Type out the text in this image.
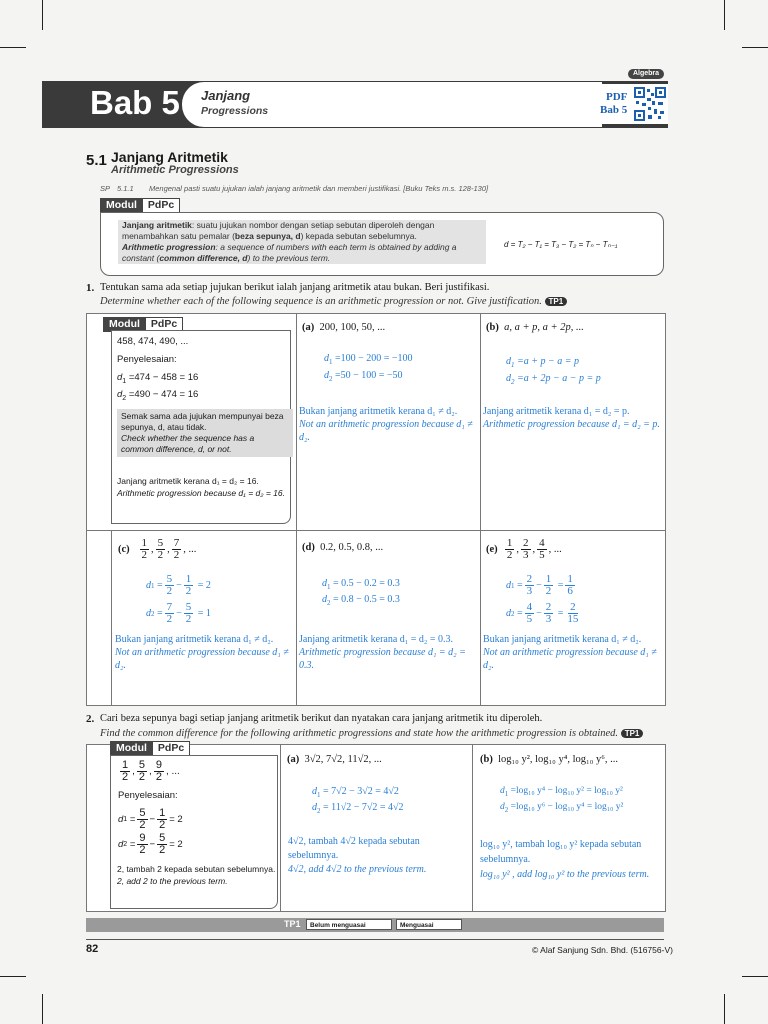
Algebra
Bab 5 Janjang
Progressions
PDF
Bab 5
5.1 Janjang Aritmetik
Arithmetic Progressions
SP 5.1.1 Mengenal pasti suatu jujukan ialah janjang aritmetik dan memberi justifikasi. [Buku Teks m.s. 128-130]
Modul	PdPc
Janjang aritmetik: suatu jujukan nombor dengan setiap sebutan diperoleh dengan
menambahkan satu pemalar (beza sepunya, d) kepada sebutan sebelumnya.
Arithmetic progression: a sequence of numbers with each term is obtained by adding a
constant (common difference, d) to the previous term.
d = T₂ − T₁ = T₃ − T₂ = Tₙ − Tₙ₋₁
1. Tentukan sama ada setiap jujukan berikut ialah janjang aritmetik atau bukan. Beri justifikasi.
Determine whether each of the following sequence is an arithmetic progression or not. Give justification. TP1
Modul	PdPc
458, 474, 490, ...
Penyelesaian:
$d_1 =474 - 458 = 16$
$d_2 =490 - 474 = 16$
Semak sama ada jujukan mempunyai beza sepunya, d, atau tidak.
Check whether the sequence has a common difference, d, or not.
Janjang aritmetik kerana d₁ = d₂ = 16.
Arithmetic progression because d₁ = d₂ = 16.
(a) 200, 100, 50, ...
$d_1 =100 - 200 = -100$
$d_2 =50 - 100 = -50$
Bukan janjang aritmetik kerana d₁ ≠ d₂.
Not an arithmetic progression because d₁ ≠ d₂.
(b) a, a + p, a + 2p, ...
$d_1 =a + p - a = p$
$d_2 =a + 2p - a - p = p$
Janjang aritmetik kerana d₁ = d₂ = p.
Arithmetic progression because d₁ = d₂ = p.
(c)
$\frac{1}{2}$ , $\frac{5}{2}$ , $\frac{7}{2}$ , ...
d $1 = \frac{5}{2} - \frac{1}{2}$
= 2
d $2 = \frac{7}{2} - \frac{5}{2}$
= 1
Bukan janjang aritmetik kerana d₁ ≠ d₂.
Not an arithmetic progression because d₁ ≠ d₂.
(d) 0.2, 0.5, 0.8, ...
$d_1 = 0.5 - 0.2 = 0.3$
$d_2 = 0.8 - 0.5 = 0.3$
Janjang aritmetik kerana d₁ = d₂ = 0.3.
Arithmetic progression because d₁ = d₂ = 0.3.
(e)
$\frac{1}{2}$ , $\frac{2}{3}$ , $\frac{4}{5}$ , ...
d $1 = \frac{2}{3} - \frac{1}{2} = \frac{1}{6}$
d $2 = \frac{4}{5} - \frac{2}{3} = \frac{2}{15}$
Bukan janjang aritmetik kerana d₁ ≠ d₂.
Not an arithmetic progression because d₁ ≠ d₂.
2. Cari beza sepunya bagi setiap janjang aritmetik berikut dan nyatakan cara janjang aritmetik itu diperoleh.
Find the common difference for the following arithmetic progressions and state how the arithmetic progression is obtained. TP1
Modul	PdPc
$\frac{1}{2}$ , $\frac{5}{2}$ , $\frac{9}{2}$ , ...
Penyelesaian:
d $1 = \frac{5}{2} - \frac{1}{2} = 2$
d $2 = \frac{9}{2} - \frac{5}{2} = 2$
2, tambah 2 kepada sebutan sebelumnya.
2, add 2 to the previous term.
(a) 3√2, 7√2, 11√2, ...
$d_1 = 7√2 - 3√2 = 4√2$
$d_2 = 11√2 - 7√2 = 4√2$
4√2, tambah 4√2 kepada sebutan sebelumnya.
4√2, add 4√2 to the previous term.
(b) log₁₀ y², log₁₀ y⁴, log₁₀ y⁶, ...
$d_1 =\log_{10}$ y⁴ − log₁₀ y² = log₁₀ y²
$d_2 =\log_{10}$ y⁶ − log₁₀ y⁴ = log₁₀ y²
log₁₀ y², tambah log₁₀ y² kepada sebutan sebelumnya.
log₁₀ y² , add log₁₀ y² to the previous term.
TP1	Belum menguasai	Menguasai
82	© Alaf Sanjung Sdn. Bhd. (516756-V)
